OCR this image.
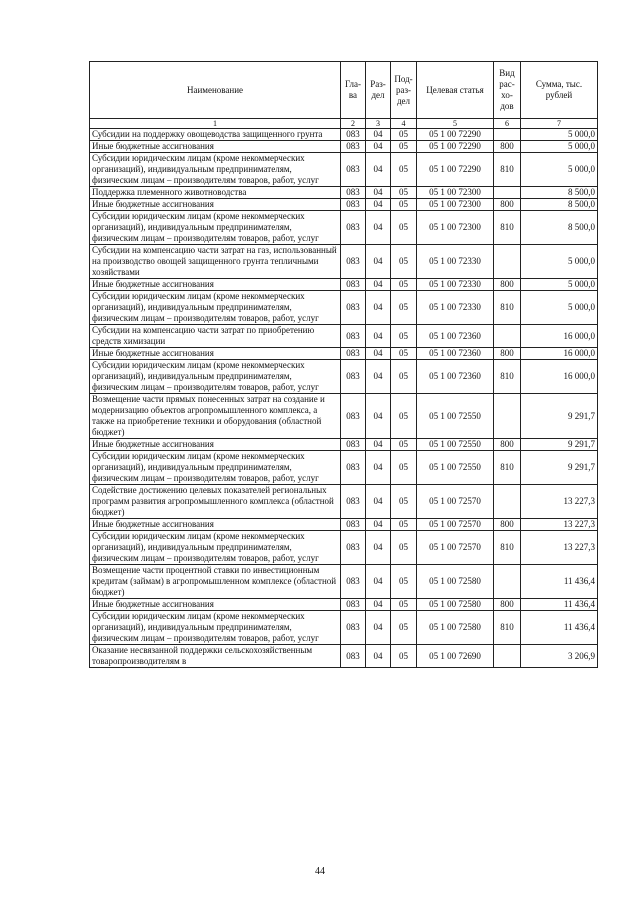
Наименование	Гла-ва	Раз-дел	Под-раз-дел	Целевая статья	Вид рас-хо-дов	Сумма, тыс. рублей
1	2	3	4	5	6	7
Субсидии на поддержку овощеводства защищенного грунта	083	04	05	05 1 00 72290		5 000,0
Иные бюджетные ассигнования	083	04	05	05 1 00 72290	800	5 000,0
Субсидии юридическим лицам (кроме некоммерческих организаций), индивидуальным предпринимателям, физическим лицам – производителям товаров, работ, услуг	083	04	05	05 1 00 72290	810	5 000,0
Поддержка племенного животноводства	083	04	05	05 1 00 72300		8 500,0
Иные бюджетные ассигнования	083	04	05	05 1 00 72300	800	8 500,0
Субсидии юридическим лицам (кроме некоммерческих организаций), индивидуальным предпринимателям, физическим лицам – производителям товаров, работ, услуг	083	04	05	05 1 00 72300	810	8 500,0
Субсидии на компенсацию части затрат на газ, использованный на производство овощей защищенного грунта тепличными хозяйствами	083	04	05	05 1 00 72330		5 000,0
Иные бюджетные ассигнования	083	04	05	05 1 00 72330	800	5 000,0
Субсидии юридическим лицам (кроме некоммерческих организаций), индивидуальным предпринимателям, физическим лицам – производителям товаров, работ, услуг	083	04	05	05 1 00 72330	810	5 000,0
Субсидии на компенсацию части затрат по приобретению средств химизации	083	04	05	05 1 00 72360		16 000,0
Иные бюджетные ассигнования	083	04	05	05 1 00 72360	800	16 000,0
Субсидии юридическим лицам (кроме некоммерческих организаций), индивидуальным предпринимателям, физическим лицам – производителям товаров, работ, услуг	083	04	05	05 1 00 72360	810	16 000,0
Возмещение части прямых понесенных затрат на создание и модернизацию объектов агропромышленного комплекса, а также на приобретение техники и оборудования (областной бюджет)	083	04	05	05 1 00 72550		9 291,7
Иные бюджетные ассигнования	083	04	05	05 1 00 72550	800	9 291,7
Субсидии юридическим лицам (кроме некоммерческих организаций), индивидуальным предпринимателям, физическим лицам – производителям товаров, работ, услуг	083	04	05	05 1 00 72550	810	9 291,7
Содействие достижению целевых показателей региональных программ развития агропромышленного комплекса (областной бюджет)	083	04	05	05 1 00 72570		13 227,3
Иные бюджетные ассигнования	083	04	05	05 1 00 72570	800	13 227,3
Субсидии юридическим лицам (кроме некоммерческих организаций), индивидуальным предпринимателям, физическим лицам – производителям товаров, работ, услуг	083	04	05	05 1 00 72570	810	13 227,3
Возмещение части процентной ставки по инвестиционным кредитам (займам) в агропромышленном комплексе (областной бюджет)	083	04	05	05 1 00 72580		11 436,4
Иные бюджетные ассигнования	083	04	05	05 1 00 72580	800	11 436,4
Субсидии юридическим лицам (кроме некоммерческих организаций), индивидуальным предпринимателям, физическим лицам – производителям товаров, работ, услуг	083	04	05	05 1 00 72580	810	11 436,4
Оказание несвязанной поддержки сельскохозяйственным товаропроизводителям в	083	04	05	05 1 00 72690		3 206,9
44
